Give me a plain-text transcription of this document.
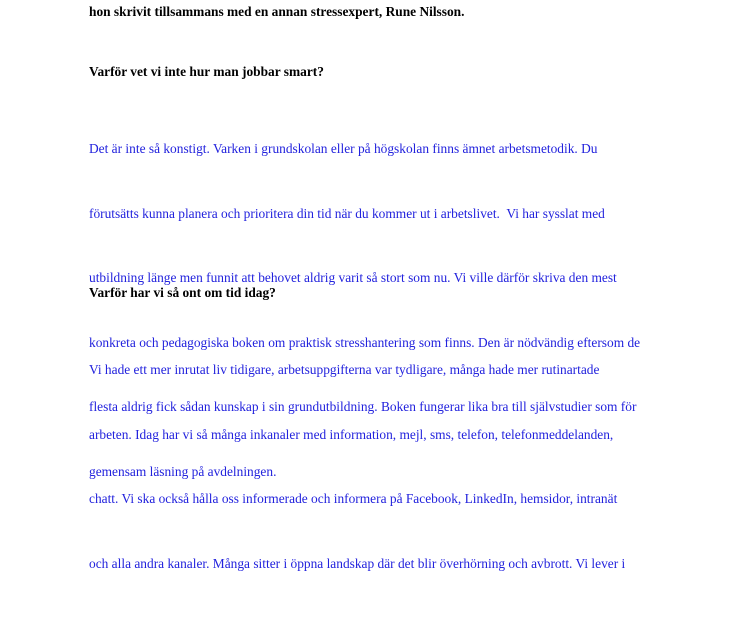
hon skrivit tillsammans med en annan stressexpert, Rune Nilsson.

Varför vet vi inte hur man jobbar smart?

Det är inte så konstigt. Varken i grundskolan eller på högskolan finns ämnet arbetsmetodik. Du

förutsätts kunna planera och prioritera din tid när du kommer ut i arbetslivet.  Vi har sysslat med

utbildning länge men funnit att behovet aldrig varit så stort som nu. Vi ville därför skriva den mest

konkreta och pedagogiska boken om praktisk stresshantering som finns. Den är nödvändig eftersom de

flesta aldrig fick sådan kunskap i sin grundutbildning. Boken fungerar lika bra till självstudier som för

gemensam läsning på avdelningen.

Varför har vi så ont om tid idag?

Vi hade ett mer inrutat liv tidigare, arbetsuppgifterna var tydligare, många hade mer rutinartade

arbeten. Idag har vi så många inkanaler med information, mejl, sms, telefon, telefonmeddelanden,

chatt. Vi ska också hålla oss informerade och informera på Facebook, LinkedIn, hemsidor, intranät

och alla andra kanaler. Många sitter i öppna landskap där det blir överhörning och avbrott. Vi lever i
